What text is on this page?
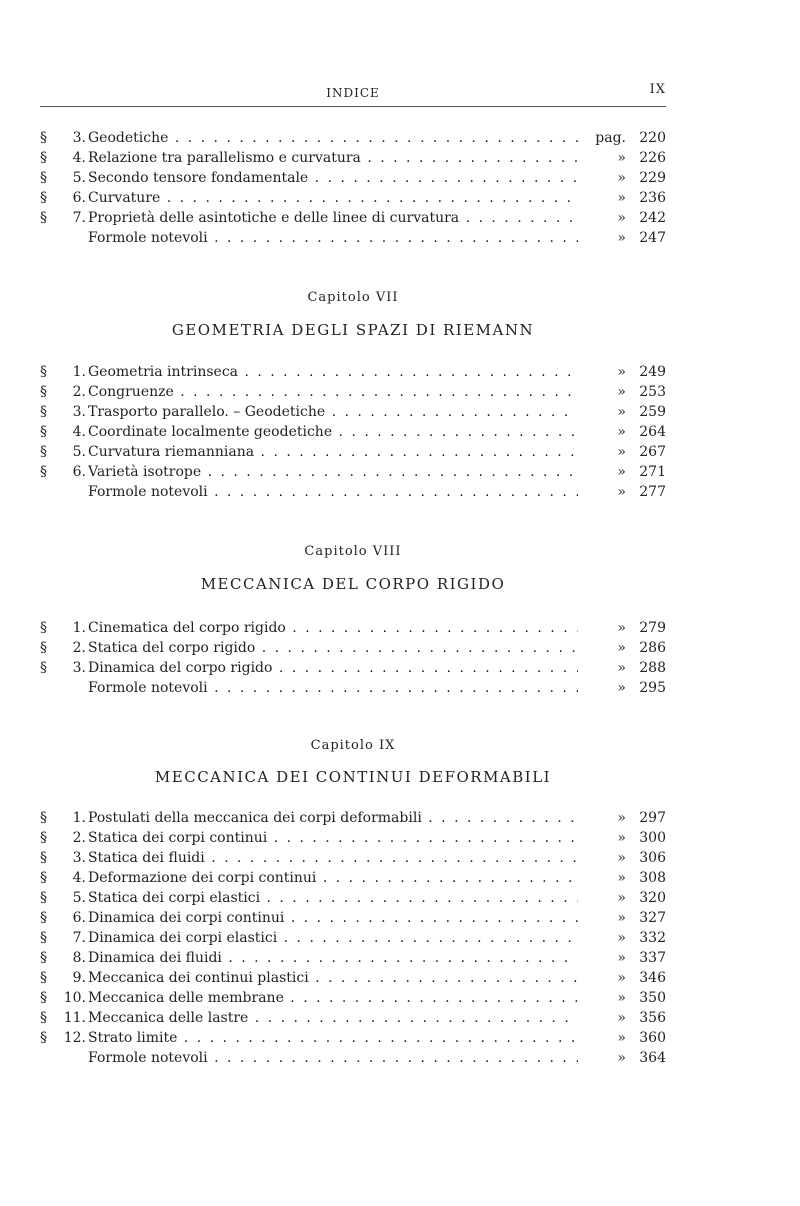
INDICE	IX
§	3. Geodetiche . . .	pag. 220
§	4. Relazione tra parallelismo e curvatura . . .	» 226
§	5. Secondo tensore fondamentale . . .	» 229
§	6. Curvature . . .	» 236
§	7. Proprietà delle asintotiche e delle linee di curvatura . . .	» 242
Formole notevoli . . .	» 247
Capitolo VII
GEOMETRIA DEGLI SPAZI DI RIEMANN
§	1. Geometria intrinseca . . .	» 249
§	2. Congruenze . . .	» 253
§	3. Trasporto parallelo. – Geodetiche . . .	» 259
§	4. Coordinate localmente geodetiche . . .	» 264
§	5. Curvatura riemanniana . . .	» 267
§	6. Varietà isotrope . . .	» 271
Formole notevoli . . .	» 277
Capitolo VIII
MECCANICA DEL CORPO RIGIDO
§	1. Cinematica del corpo rigido . . .	» 279
§	2. Statica del corpo rigido . . .	» 286
§	3. Dinamica del corpo rigido . . .	» 288
Formole notevoli . . .	» 295
Capitolo IX
MECCANICA DEI CONTINUI DEFORMABILI
§	1. Postulati della meccanica dei corpi deformabili . . .	» 297
§	2. Statica dei corpi continui . . .	» 300
§	3. Statica dei fluidi . . .	» 306
§	4. Deformazione dei corpi continui . . .	» 308
§	5. Statica dei corpi elastici . . .	» 320
§	6. Dinamica dei corpi continui . . .	» 327
§	7. Dinamica dei corpi elastici . . .	» 332
§	8. Dinamica dei fluidi . . .	» 337
§	9. Meccanica dei continui plastici . . .	» 346
§	10. Meccanica delle membrane . . .	» 350
§	11. Meccanica delle lastre . . .	» 356
§	12. Strato limite . . .	» 360
Formole notevoli . . .	» 364
